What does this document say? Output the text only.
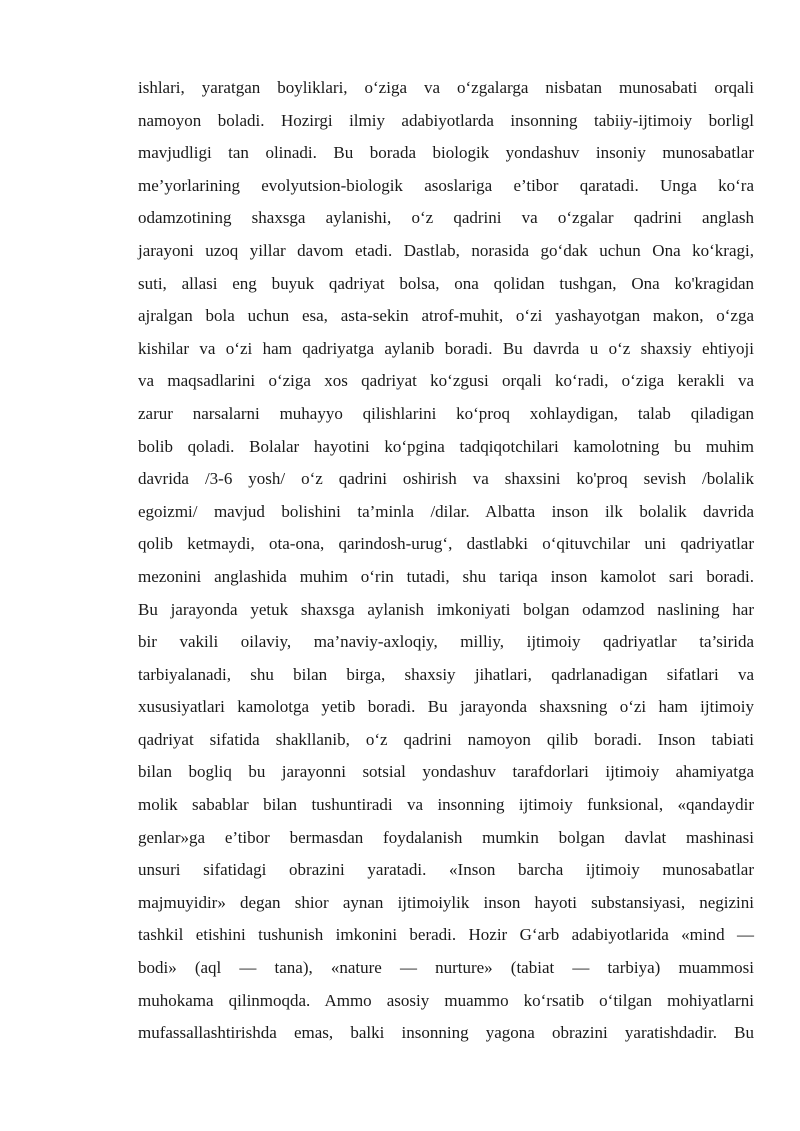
ishlari, yaratgan boyliklari, o‘ziga va o‘zgalarga nisbatan munosabati orqali
namoyon boladi. Hozirgi ilmiy adabiyotlarda insonning tabiiy-ijtimoiy borligl
mavjudligi tan olinadi. Bu borada biologik yondashuv insoniy munosabatlar
me’yorlarining evolyutsion-biologik asoslariga e’tibor qaratadi. Unga ko‘ra
odamzotining shaxsga aylanishi, o‘z qadrini va o‘zgalar qadrini anglash
jarayoni uzoq yillar davom etadi. Dastlab, norasida go‘dak uchun Ona ko‘kragi,
suti, allasi eng buyuk qadriyat bolsa, ona qolidan tushgan, Ona ko'kragidan
ajralgan bola uchun esa, asta-sekin atrof-muhit, o‘zi yashayotgan makon, o‘zga
kishilar va o‘zi ham qadriyatga aylanib boradi. Bu davrda u o‘z shaxsiy ehtiyoji
va maqsadlarini o‘ziga xos qadriyat ko‘zgusi orqali ko‘radi, o‘ziga kerakli va
zarur narsalarni muhayyo qilishlarini ko‘proq xohlaydigan, talab qiladigan
bolib qoladi. Bolalar hayotini ko‘pgina tadqiqotchilari kamolotning bu muhim
davrida /3-6 yosh/ o‘z qadrini oshirish va shaxsini ko'proq sevish /bolalik
egoizmi/ mavjud bolishini ta’minla /dilar. Albatta inson ilk bolalik davrida
qolib ketmaydi, ota-ona, qarindosh-urug‘, dastlabki o‘qituvchilar uni qadriyatlar
mezonini anglashida muhim o‘rin tutadi, shu tariqa inson kamolot sari boradi.
Bu jarayonda yetuk shaxsga aylanish imkoniyati bolgan odamzod naslining har
bir vakili oilaviy, ma’naviy-axloqiy, milliy, ijtimoiy qadriyatlar ta’sirida
tarbiyalanadi, shu bilan birga, shaxsiy jihatlari, qadrlanadigan sifatlari va
xususiyatlari kamolotga yetib boradi. Bu jarayonda shaxsning o‘zi ham ijtimoiy
qadriyat sifatida shakllanib, o‘z qadrini namoyon qilib boradi. Inson tabiati
bilan bogliq bu jarayonni sotsial yondashuv tarafdorlari ijtimoiy ahamiyatga
molik sabablar bilan tushuntiradi va insonning ijtimoiy funksional, «qandaydir
genlar»ga e’tibor bermasdan foydalanish mumkin bolgan davlat mashinasi
unsuri sifatidagi obrazini yaratadi. «Inson barcha ijtimoiy munosabatlar
majmuyidir» degan shior aynan ijtimoiylik inson hayoti substansiyasi, negizini
tashkil etishini tushunish imkonini beradi. Hozir G‘arb adabiyotlarida «mind —
bodi» (aql — tana), «nature — nurture» (tabiat — tarbiya) muammosi
muhokama qilinmoqda. Ammo asosiy muammo ko‘rsatib o‘tilgan mohiyatlarni
mufassallashtirishda emas, balki insonning yagona obrazini yaratishdadir. Bu
